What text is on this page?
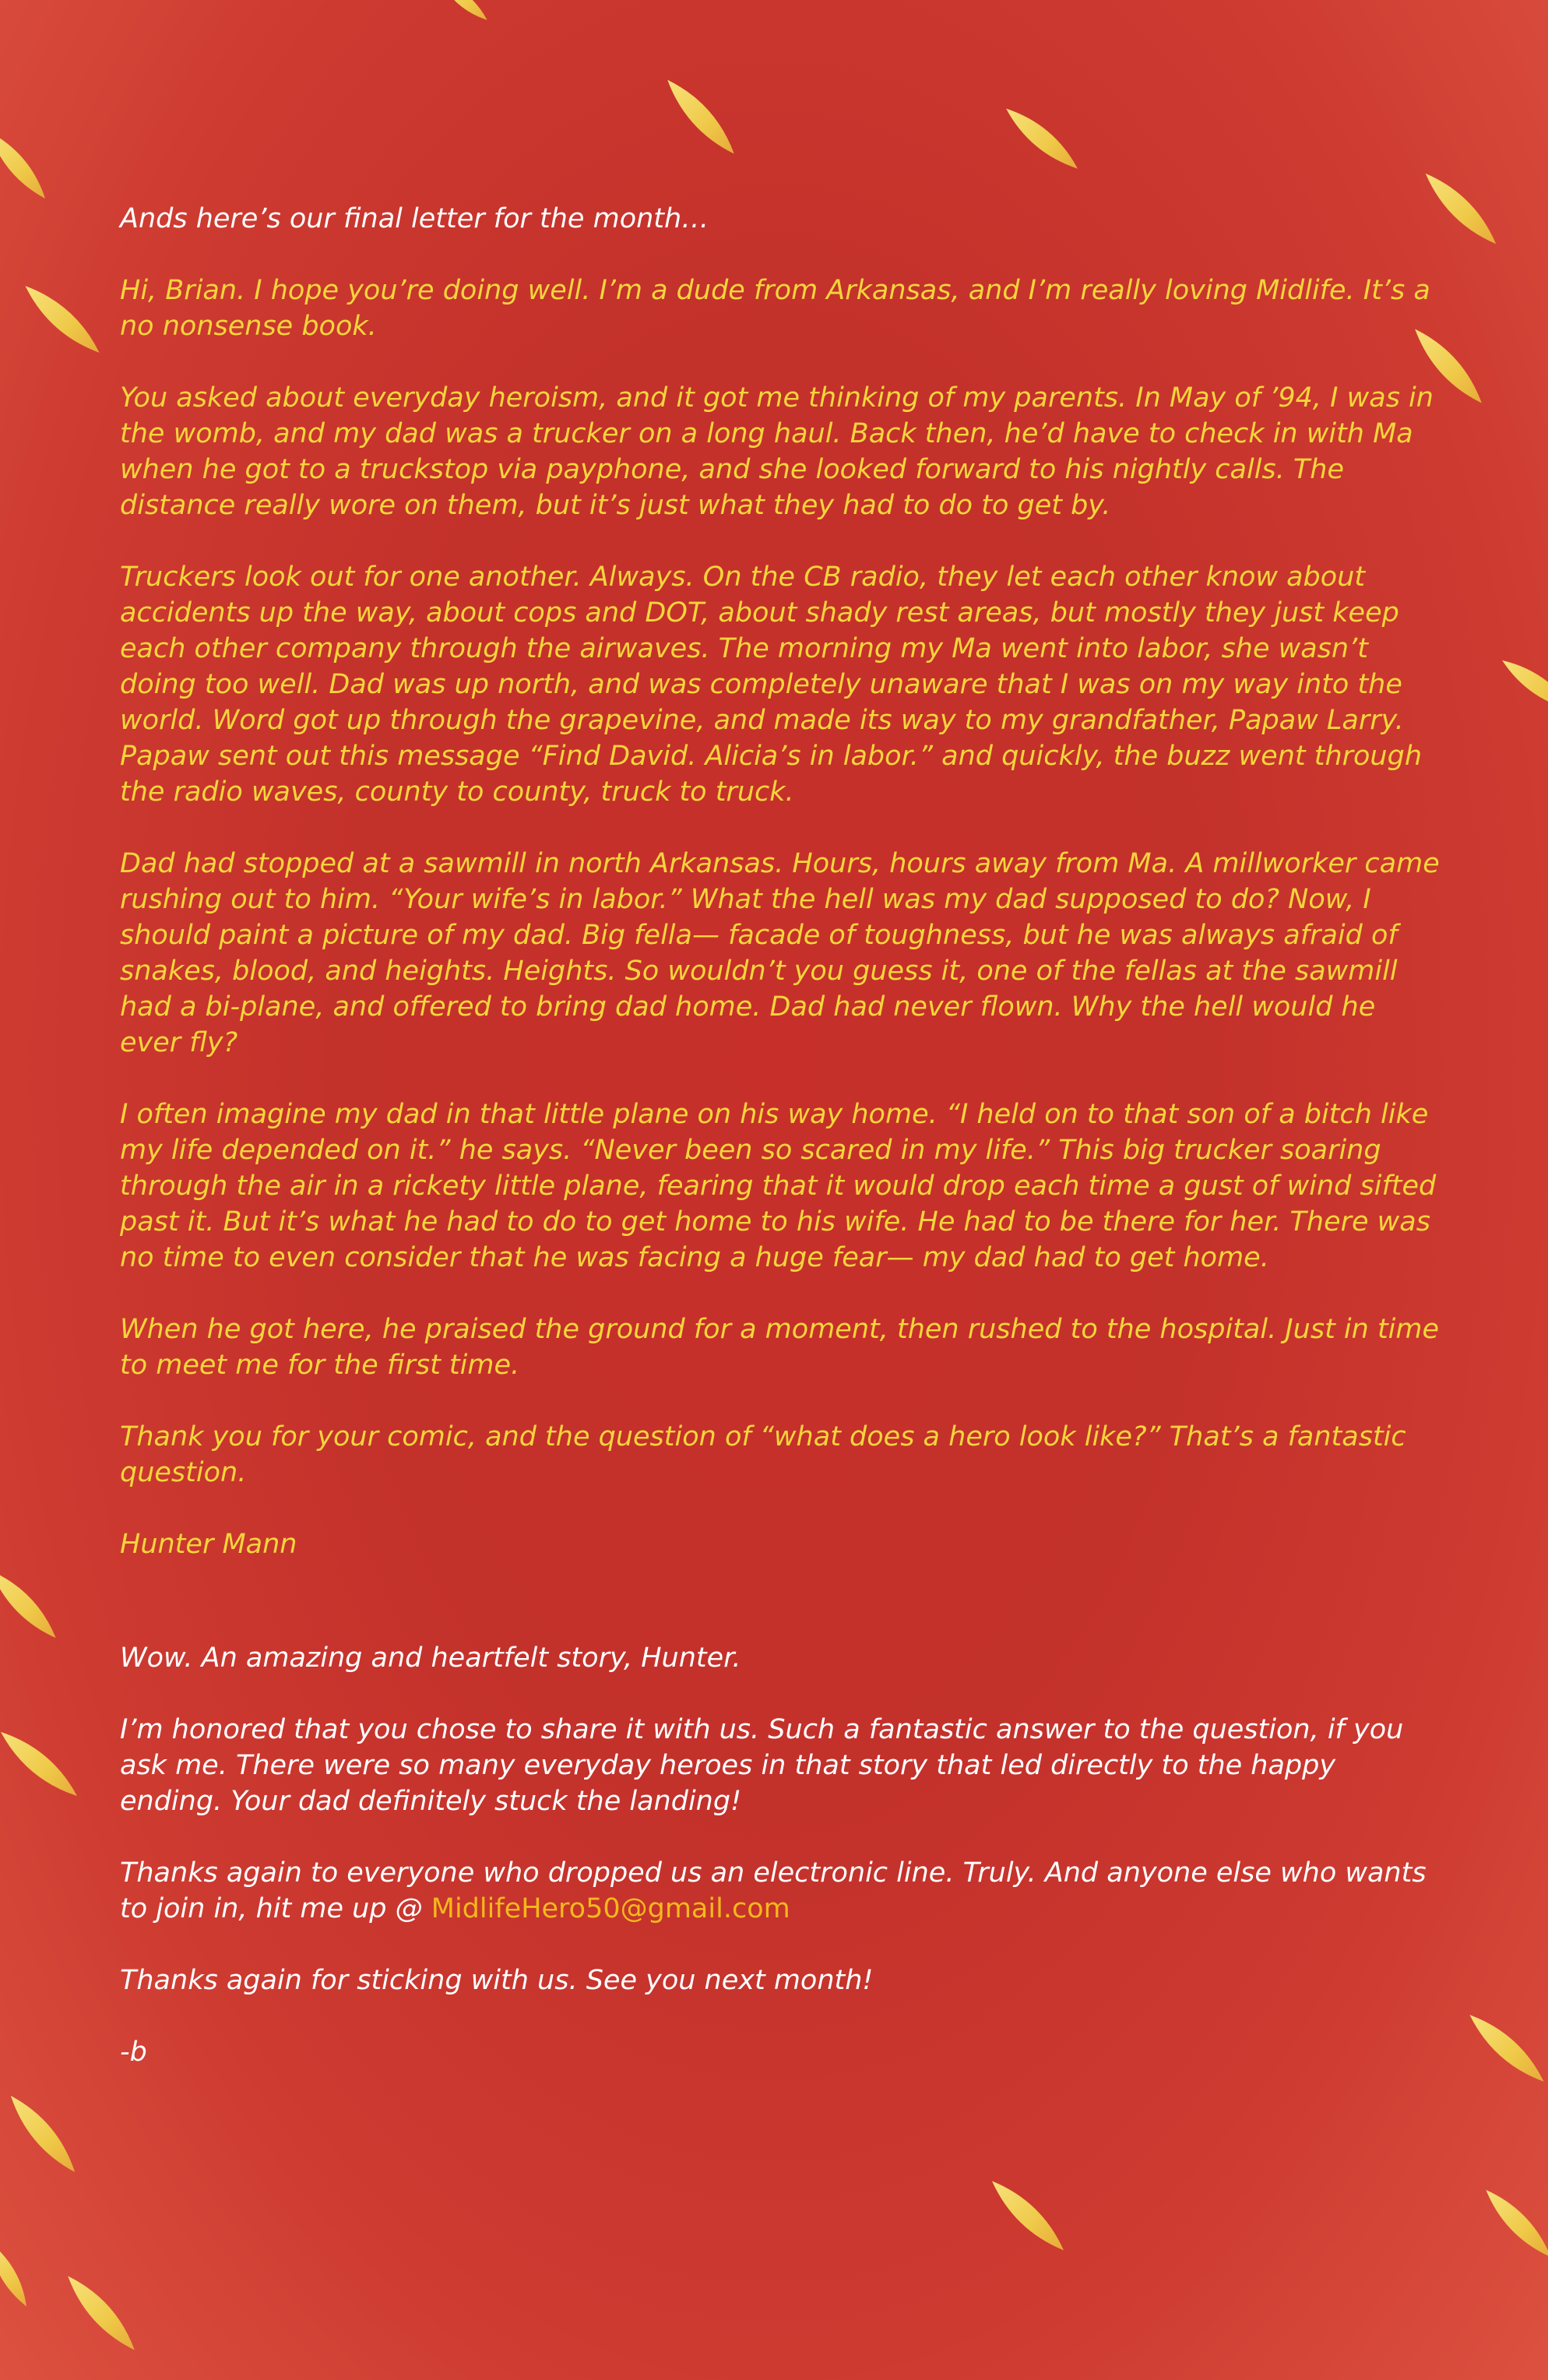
Ands here’s our final letter for the month…

Hi, Brian. I hope you’re doing well. I’m a dude from Arkansas, and I’m really loving Midlife. It’s a no nonsense book.

You asked about everyday heroism, and it got me thinking of my parents. In May of ’94, I was in the womb, and my dad was a trucker on a long haul. Back then, he’d have to check in with Ma when he got to a truckstop via payphone, and she looked forward to his nightly calls. The distance really wore on them, but it’s just what they had to do to get by.

Truckers look out for one another. Always. On the CB radio, they let each other know about accidents up the way, about cops and DOT, about shady rest areas, but mostly they just keep each other company through the airwaves. The morning my Ma went into labor, she wasn’t doing too well. Dad was up north, and was completely unaware that I was on my way into the world. Word got up through the grapevine, and made its way to my grandfather, Papaw Larry. Papaw sent out this message “Find David. Alicia’s in labor.” and quickly, the buzz went through the radio waves, county to county, truck to truck.

Dad had stopped at a sawmill in north Arkansas. Hours, hours away from Ma. A millworker came rushing out to him. “Your wife’s in labor.” What the hell was my dad supposed to do? Now, I should paint a picture of my dad. Big fella— facade of toughness, but he was always afraid of snakes, blood, and heights. Heights. So wouldn’t you guess it, one of the fellas at the sawmill had a bi-plane, and offered to bring dad home. Dad had never flown. Why the hell would he ever fly?

I often imagine my dad in that little plane on his way home. “I held on to that son of a bitch like my life depended on it.” he says. “Never been so scared in my life.” This big trucker soaring through the air in a rickety little plane, fearing that it would drop each time a gust of wind sifted past it. But it’s what he had to do to get home to his wife. He had to be there for her. There was no time to even consider that he was facing a huge fear— my dad had to get home.

When he got here, he praised the ground for a moment, then rushed to the hospital. Just in time to meet me for the first time.

Thank you for your comic, and the question of “what does a hero look like?” That’s a fantastic question.

Hunter Mann

Wow. An amazing and heartfelt story, Hunter.

I’m honored that you chose to share it with us. Such a fantastic answer to the question, if you ask me. There were so many everyday heroes in that story that led directly to the happy ending. Your dad definitely stuck the landing!

Thanks again to everyone who dropped us an electronic line. Truly. And anyone else who wants to join in, hit me up @ MidlifeHero50@gmail.com

Thanks again for sticking with us. See you next month!

-b
